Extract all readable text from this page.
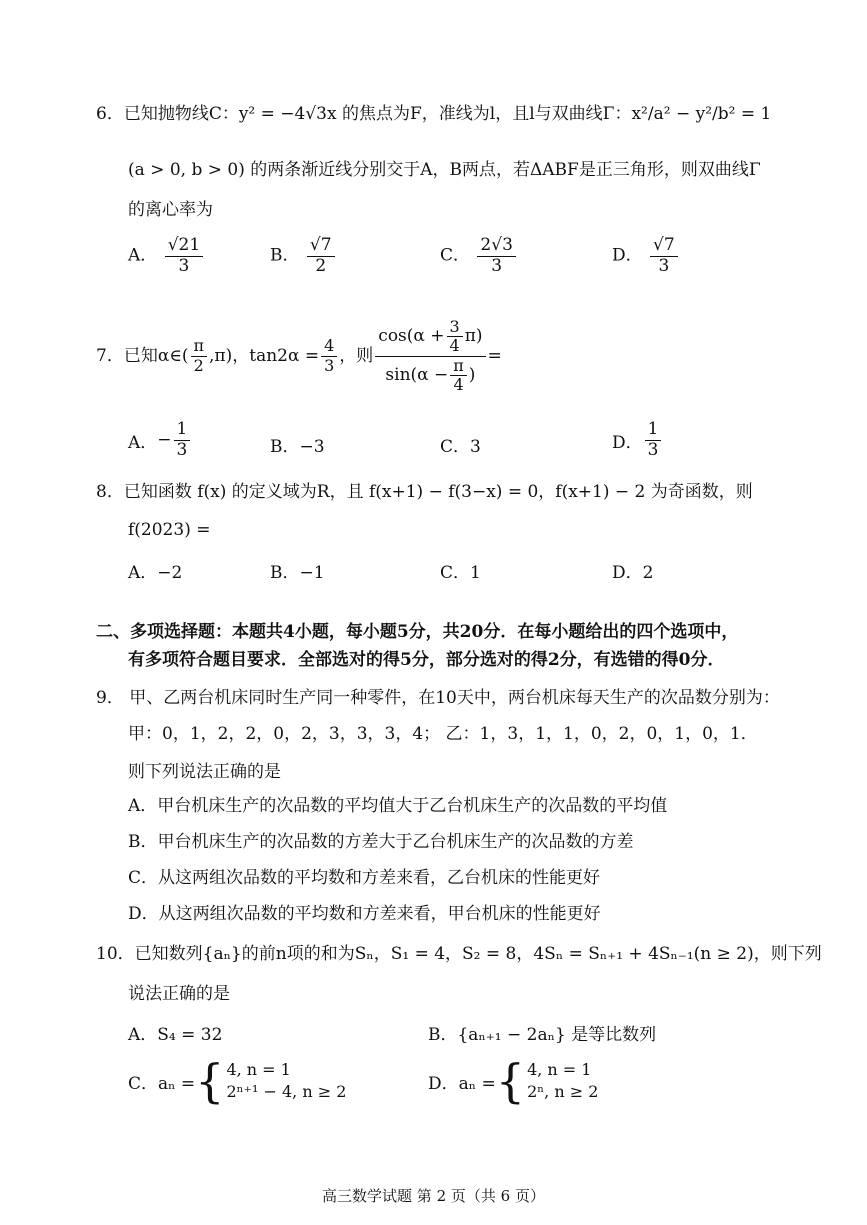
6．已知抛物线C：y² = −4√3x 的焦点为F，准线为l，且l与双曲线Γ：x²/a² − y²/b² = 1
(a > 0, b > 0) 的两条渐近线分别交于A，B两点，若ΔABF是正三角形，则双曲线Γ
的离心率为
A． $\frac{√21}{3}$	B． $\frac{√7}{2}$	C． $\frac{2√3}{3}$	D． $\frac{√7}{3}$
7．已知α∈( $\frac{\pi}{2} ,\pi$)，$\tan 2\alpha = \frac{4}{3}$ ，则 $\frac{\cos(\alpha + \frac{3}{4} \pi)}{\sin(\alpha - \frac{\pi}{4} )}$ =
A． − $\frac{1}{3}$	B．−3	C．3	D． $\frac{1}{3}$
8．已知函数 f(x) 的定义域为R，且 f(x+1) − f(3−x) = 0，f(x+1) − 2 为奇函数，则
f(2023) =
A．−2	B．−1	C．1	D．2
二、多项选择题：本题共4小题，每小题5分，共20分．在每小题给出的四个选项中，
有多项符合题目要求．全部选对的得5分，部分选对的得2分，有选错的得0分．
9． 甲、乙两台机床同时生产同一种零件，在10天中，两台机床每天生产的次品数分别为：
甲：0，1，2，2，0，2，3，3，3，4； 乙：1，3，1，1，0，2，0，1，0，1．
则下列说法正确的是
A．甲台机床生产的次品数的平均值大于乙台机床生产的次品数的平均值
B．甲台机床生产的次品数的方差大于乙台机床生产的次品数的方差
C．从这两组次品数的平均数和方差来看，乙台机床的性能更好
D．从这两组次品数的平均数和方差来看，甲台机床的性能更好
10．已知数列{aₙ}的前n项的和为Sₙ，S₁ = 4，S₂ = 8，4Sₙ = Sₙ₊₁ + 4Sₙ₋₁(n ≥ 2)，则下列
说法正确的是
A．S₄ = 32	B．{aₙ₊₁ − 2aₙ} 是等比数列
C．aₙ = { 4, n = 1
2ⁿ⁺¹ − 4, n ≥ 2	D．aₙ = { 4, n = 1
2ⁿ, n ≥ 2
高三数学试题 第 2 页（共 6 页）
